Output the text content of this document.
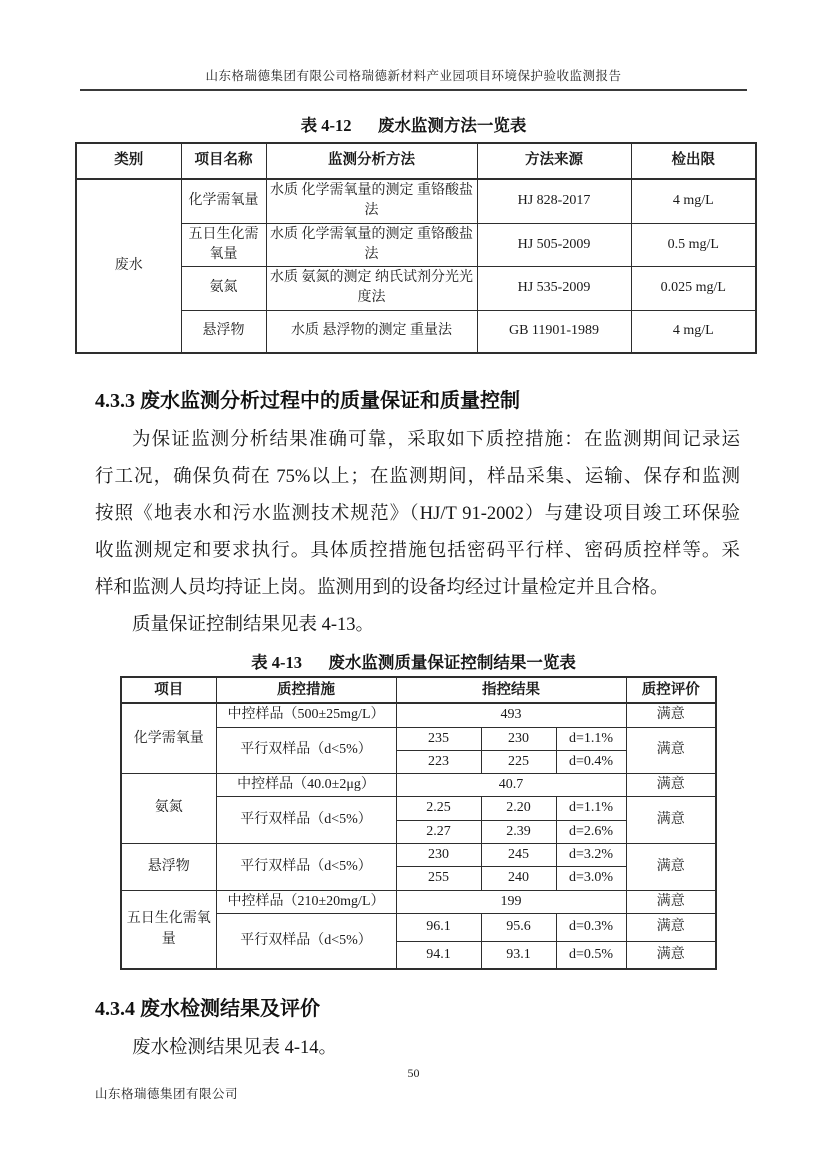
山东格瑞德集团有限公司格瑞德新材料产业园项目环境保护验收监测报告
表 4-12 废水监测方法一览表
类别	项目名称	监测分析方法	方法来源	检出限
废水	化学需氧量	水质 化学需氧量的测定 重铬酸盐法	HJ 828-2017	4 mg/L
	五日生化需氧量	水质 化学需氧量的测定 重铬酸盐法	HJ 505-2009	0.5 mg/L
	氨氮	水质 氨氮的测定 纳氏试剂分光光度法	HJ 535-2009	0.025 mg/L
	悬浮物	水质 悬浮物的测定 重量法	GB 11901-1989	4 mg/L
4.3.3 废水监测分析过程中的质量保证和质量控制
为保证监测分析结果准确可靠，采取如下质控措施：在监测期间记录运
行工况，确保负荷在 75%以上；在监测期间，样品采集、运输、保存和监测
按照《地表水和污水监测技术规范》（HJ/T 91-2002）与建设项目竣工环保验
收监测规定和要求执行。具体质控措施包括密码平行样、密码质控样等。采
样和监测人员均持证上岗。监测用到的设备均经过计量检定并且合格。
质量保证控制结果见表 4-13。
表 4-13 废水监测质量保证控制结果一览表
项目	质控措施	指控结果			质控评价
化学需氧量	中控样品（500±25mg/L）	493			满意
	平行双样品（d<5%）	235	230	d=1.1%	满意
		223	225	d=0.4%	
氨氮	中控样品（40.0±2μg）	40.7			满意
	平行双样品（d<5%）	2.25	2.20	d=1.1%	满意
		2.27	2.39	d=2.6%	
悬浮物	平行双样品（d<5%）	230	245	d=3.2%	满意
		255	240	d=3.0%	
五日生化需氧量	中控样品（210±20mg/L）	199			满意
	平行双样品（d<5%）	96.1	95.6	d=0.3%	满意
		94.1	93.1	d=0.5%	满意
4.3.4 废水检测结果及评价
废水检测结果见表 4-14。
50
山东格瑞德集团有限公司
